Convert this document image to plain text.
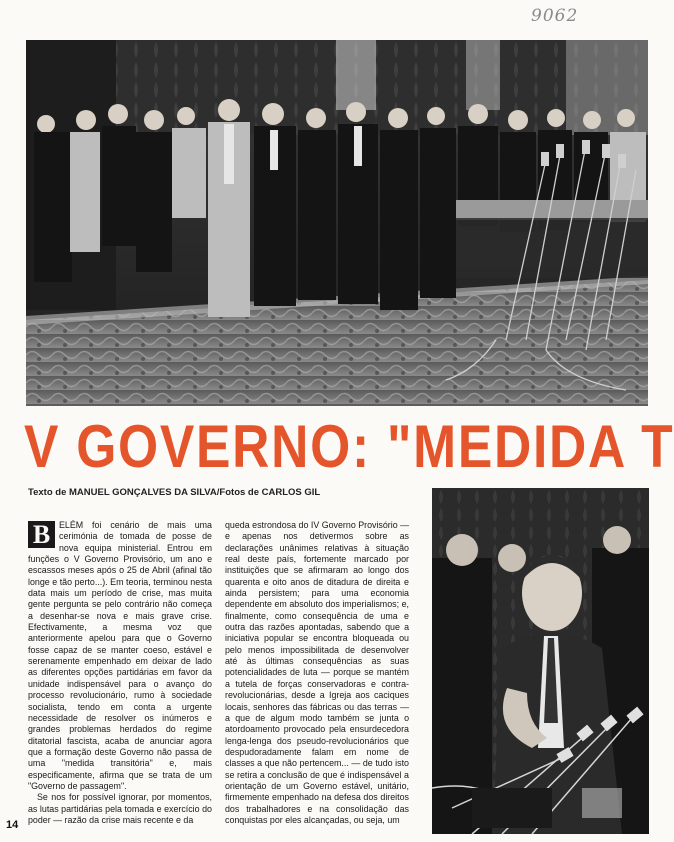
9062
V GOVERNO: "MEDIDA T
Texto de MANUEL GONÇALVES DA SILVA/Fotos de CARLOS GIL

B ELÉM foi cenário de mais uma cerimónia de tomada de posse de nova equipa ministerial. Entrou em funções o V Governo Provisório, um ano e escassos meses após o 25 de Abril (afinal tão longe e tão perto...). Em teoria, terminou nesta data mais um período de crise, mas muita gente pergunta se pelo contrário não começa a desenhar-se nova e mais grave crise. Efectivamente, a mesma voz que anteriormente apelou para que o Governo fosse capaz de se manter coeso, estável e serenamente empenhado em deixar de lado as diferentes opções partidárias em favor da unidade indispensável para o avanço do processo revolucionário, rumo à sociedade socialista, tendo em conta a urgente necessidade de resolver os inúmeros e grandes problemas herdados do regime ditatorial fascista, acaba de anunciar agora que a formação deste Governo não passa de uma "medida transitória" e, mais especificamente, afirma que se trata de um "Governo de passagem".

Se nos for possível ignorar, por momentos, as lutas partidárias pela tomada e exercício do poder — razão da crise mais recente e da

queda estrondosa do IV Governo Provisório — e apenas nos detivermos sobre as declarações unânimes relativas à situação real deste país, fortemente marcado por instituições que se afirmaram ao longo dos quarenta e oito anos de ditadura de direita e ainda persistem; para uma economia dependente em absoluto dos imperialismos; e, finalmente, como consequência de uma e outra das razões apontadas, sabendo que a iniciativa popular se encontra bloqueada ou pelo menos impossibilitada de desenvolver até às últimas consequências as suas potencialidades de luta — porque se mantém a tutela de forças conservadoras e contra-revolucionárias, desde a Igreja aos caciques locais, senhores das fábricas ou das terras — a que de algum modo também se junta o atordoamento provocado pela ensurdecedora lenga-lenga dos pseudo-revolucionários que despudoradamente falam em nome de classes a que não pertencem... — de tudo isto se retira a conclusão de que é indispensável a orientação de um Governo estável, unitário, firmemente empenhado na defesa dos direitos dos trabalhadores e na consolidação das conquistas por eles alcançadas, ou seja, um

14
